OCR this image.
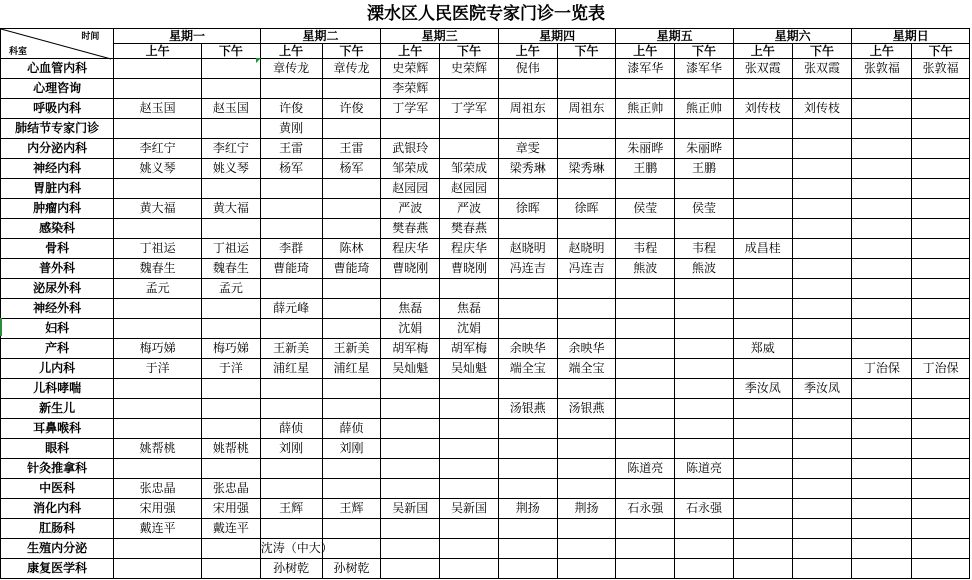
溧水区人民医院专家门诊一览表
科室
时间	星期一		星期二		星期三		星期四		星期五		星期六		星期日	
	上午	下午	上午	下午	上午	下午	上午	下午	上午	下午	上午	下午	上午	下午
心血管内科			章传龙	章传龙	史荣辉	史荣辉	倪伟		漆军华	漆军华	张双霞	张双霞	张敦福	张敦福
心理咨询					李荣辉									
呼吸内科	赵玉国	赵玉国	许俊	许俊	丁学军	丁学军	周祖东	周祖东	熊正帅	熊正帅	刘传枝	刘传枝		
肺结节专家门诊			黄刚											
内分泌内科	李红宁	李红宁	王雷	王雷	武银玲		章雯		朱丽晔	朱丽晔				
神经内科	姚义琴	姚义琴	杨军	杨军	邹荣成	邹荣成	梁秀琳	梁秀琳	王鹏	王鹏				
胃脏内科					赵园园	赵园园								
肿瘤内科	黄大福	黄大福			严波	严波	徐晖	徐晖	侯莹	侯莹				
感染科					樊春燕	樊春燕								
骨科	丁祖运	丁祖运	李群	陈林	程庆华	程庆华	赵晓明	赵晓明	韦程	韦程	成昌桂			
普外科	魏春生	魏春生	曹能琦	曹能琦	曹晓刚	曹晓刚	冯连吉	冯连吉	熊波	熊波				
泌尿外科	孟元	孟元												
神经外科			薛元峰		焦磊	焦磊								
妇科					沈娟	沈娟								
产科	梅巧娣	梅巧娣	王新美	王新美	胡军梅	胡军梅	余映华	余映华			郑威			
儿内科	于洋	于洋	浦红星	浦红星	吴灿魁	吴灿魁	端全宝	端全宝					丁治保	丁治保
儿科哮喘											季汝凤	季汝凤		
新生儿							汤银燕	汤银燕						
耳鼻喉科			薛侦	薛侦										
眼科	姚帮桃	姚帮桃	刘刚	刘刚										
针灸推拿科									陈道亮	陈道亮				
中医科	张忠晶	张忠晶												
消化内科	宋用强	宋用强	王辉	王辉	吴新国	吴新国	荆扬	荆扬	石永强	石永强				
肛肠科	戴连平	戴连平												
生殖内分泌			沈涛（中大）											
康复医学科			孙树乾	孙树乾										
